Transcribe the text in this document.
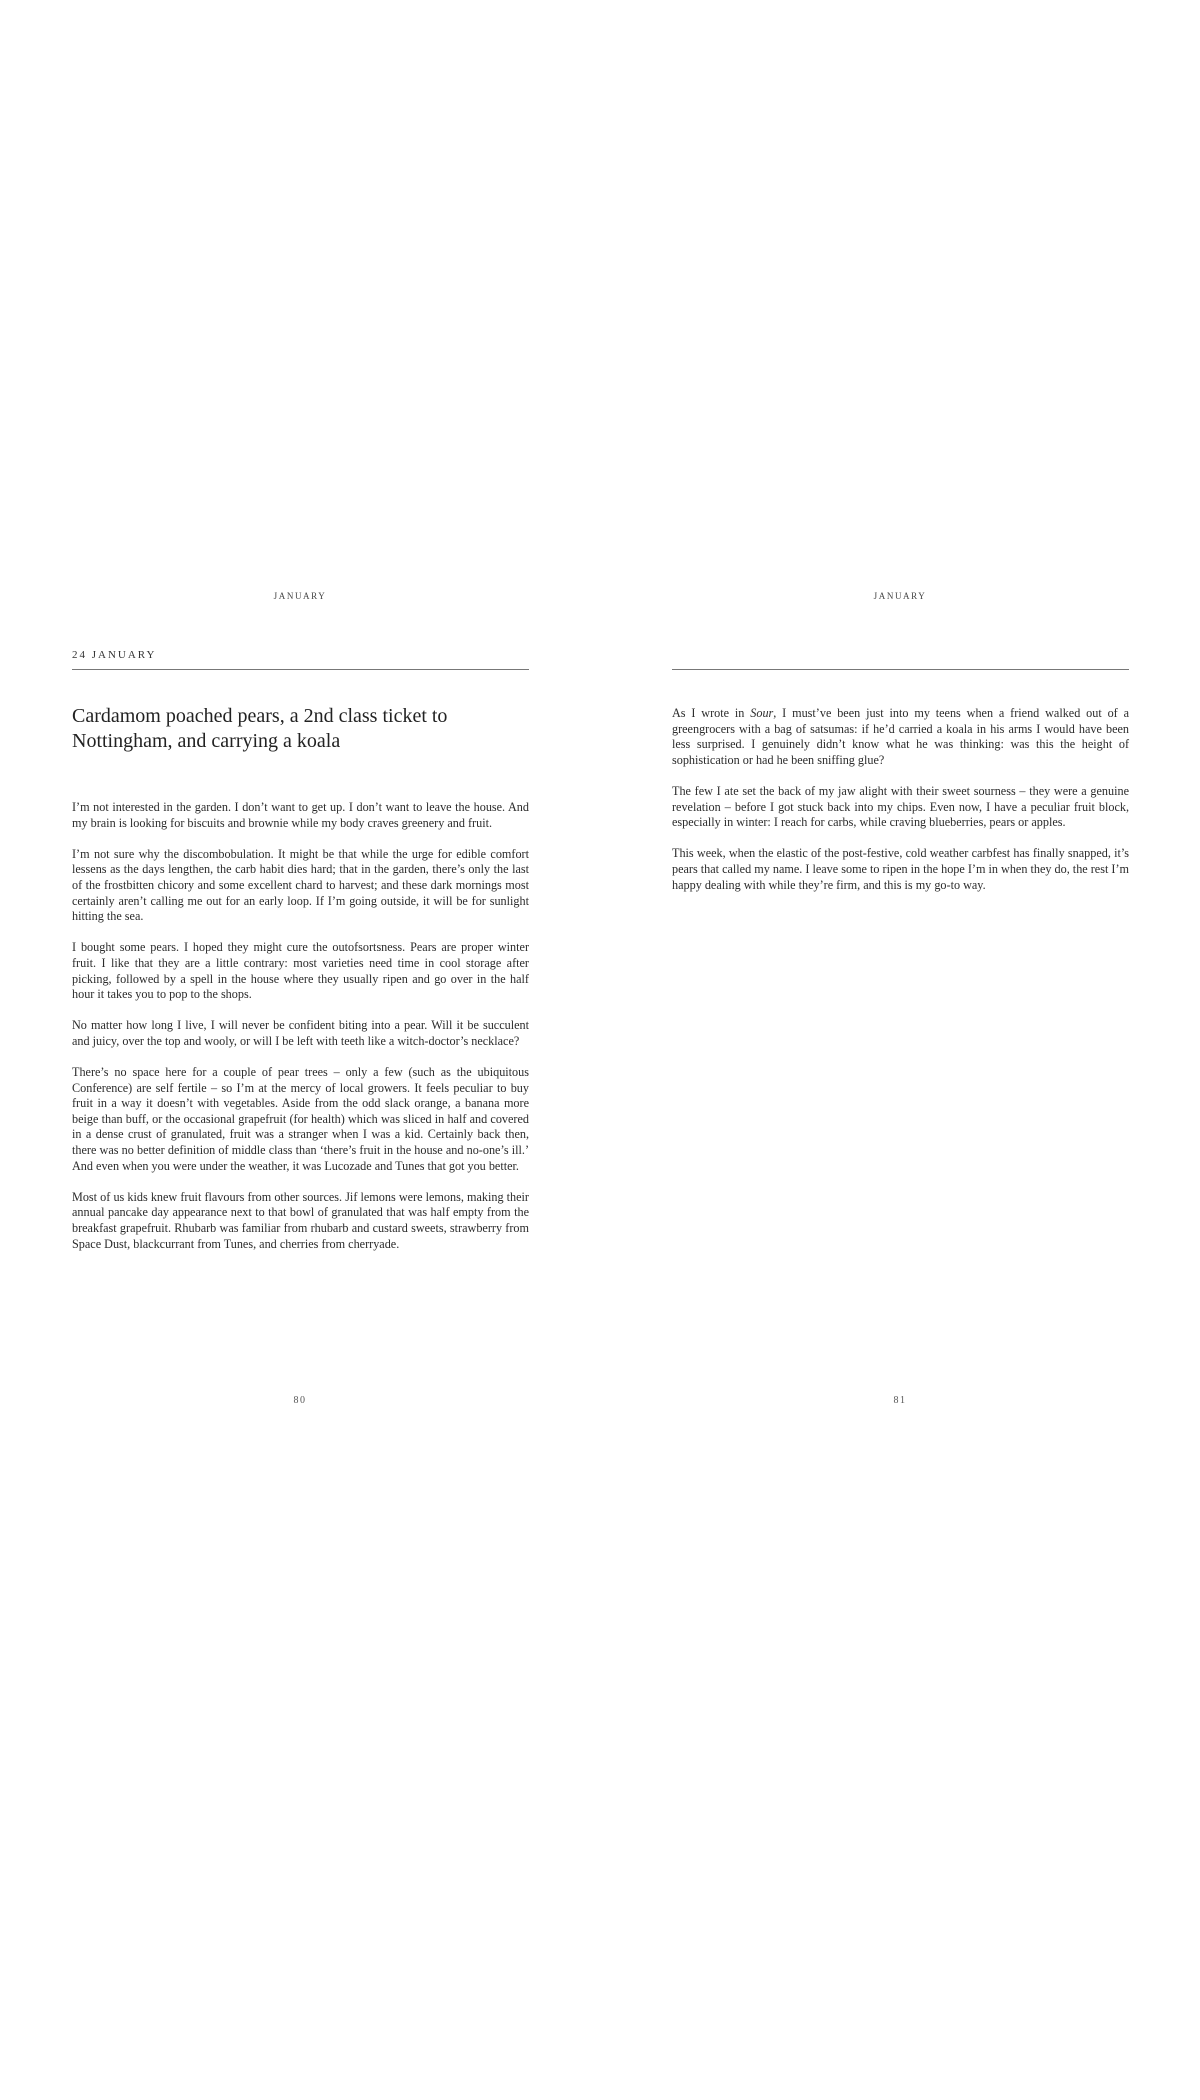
JANUARY
24 JANUARY
Cardamom poached pears, a 2nd class ticket to Nottingham, and carrying a koala

I’m not interested in the garden. I don’t want to get up. I don’t want to leave the house. And my brain is looking for biscuits and brownie while my body craves greenery and fruit.

I’m not sure why the discombobulation. It might be that while the urge for edible comfort lessens as the days lengthen, the carb habit dies hard; that in the garden, there’s only the last of the frostbitten chicory and some excellent chard to harvest; and these dark mornings most certainly aren’t calling me out for an early loop. If I’m going outside, it will be for sunlight hitting the sea.

I bought some pears. I hoped they might cure the outofsortsness. Pears are proper winter fruit. I like that they are a little contrary: most varieties need time in cool storage after picking, followed by a spell in the house where they usually ripen and go over in the half hour it takes you to pop to the shops.

No matter how long I live, I will never be confident biting into a pear. Will it be succulent and juicy, over the top and wooly, or will I be left with teeth like a witch-doctor’s necklace?

There’s no space here for a couple of pear trees – only a few (such as the ubiquitous Conference) are self fertile – so I’m at the mercy of local growers. It feels peculiar to buy fruit in a way it doesn’t with vegetables. Aside from the odd slack orange, a banana more beige than buff, or the occasional grapefruit (for health) which was sliced in half and covered in a dense crust of granulated, fruit was a stranger when I was a kid. Certainly back then, there was no better definition of middle class than ‘there’s fruit in the house and no-one’s ill.’ And even when you were under the weather, it was Lucozade and Tunes that got you better.

Most of us kids knew fruit flavours from other sources. Jif lemons were lemons, making their annual pancake day appearance next to that bowl of granulated that was half empty from the breakfast grapefruit. Rhubarb was familiar from rhubarb and custard sweets, strawberry from Space Dust, blackcurrant from Tunes, and cherries from cherryade.

80
JANUARY

As I wrote in Sour, I must’ve been just into my teens when a friend walked out of a greengrocers with a bag of satsumas: if he’d carried a koala in his arms I would have been less surprised. I genuinely didn’t know what he was thinking: was this the height of sophistication or had he been sniffing glue?

The few I ate set the back of my jaw alight with their sweet sourness – they were a genuine revelation – before I got stuck back into my chips. Even now, I have a peculiar fruit block, especially in winter: I reach for carbs, while craving blueberries, pears or apples.

This week, when the elastic of the post-festive, cold weather carbfest has finally snapped, it’s pears that called my name. I leave some to ripen in the hope I’m in when they do, the rest I’m happy dealing with while they’re firm, and this is my go-to way.

81
